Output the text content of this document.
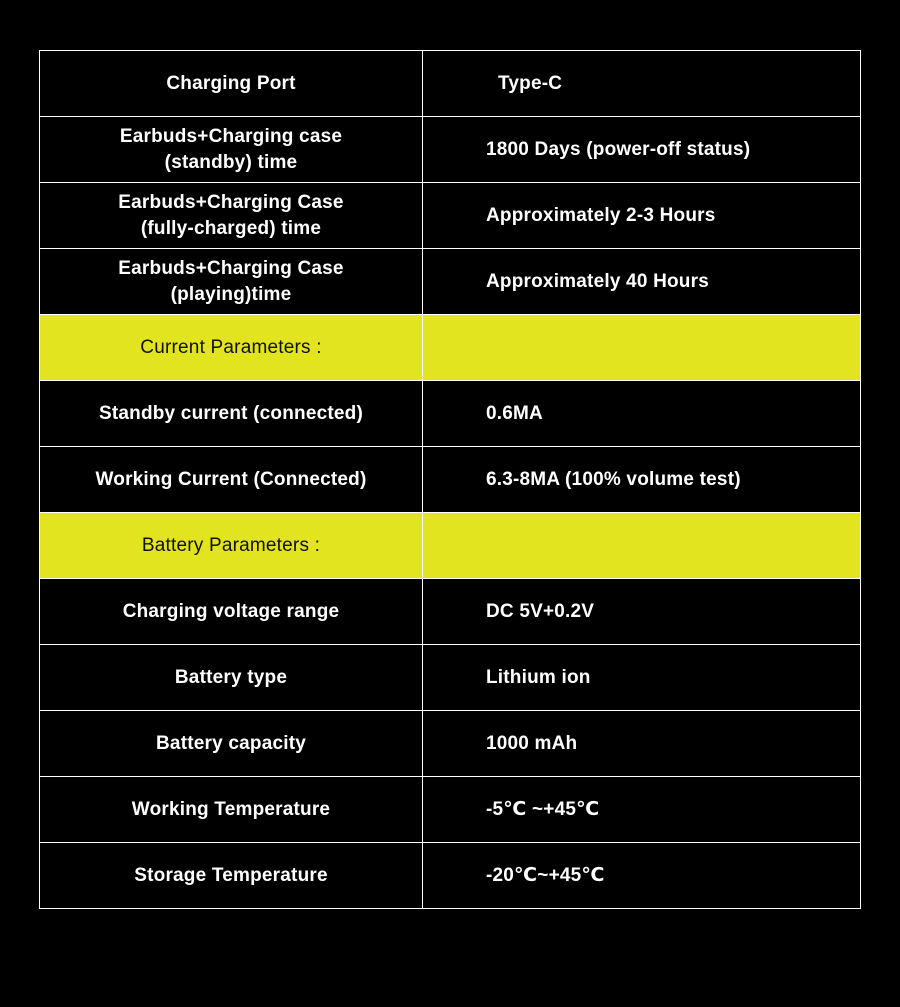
Charging Port	Type-C

Earbuds+Charging case
(standby) time	1800 Days (power-off status)

Earbuds+Charging Case
(fully-charged) time	Approximately 2-3 Hours

Earbuds+Charging Case
(playing)time	Approximately 40 Hours

Current Parameters :	

Standby current (connected)	0.6MA

Working Current (Connected)	6.3-8MA (100% volume test)

Battery Parameters :	

Charging voltage range	DC 5V+0.2V

Battery type	Lithium ion

Battery capacity	1000 mAh

Working Temperature	-5℃ ~+45℃

Storage Temperature	-20℃~+45℃
